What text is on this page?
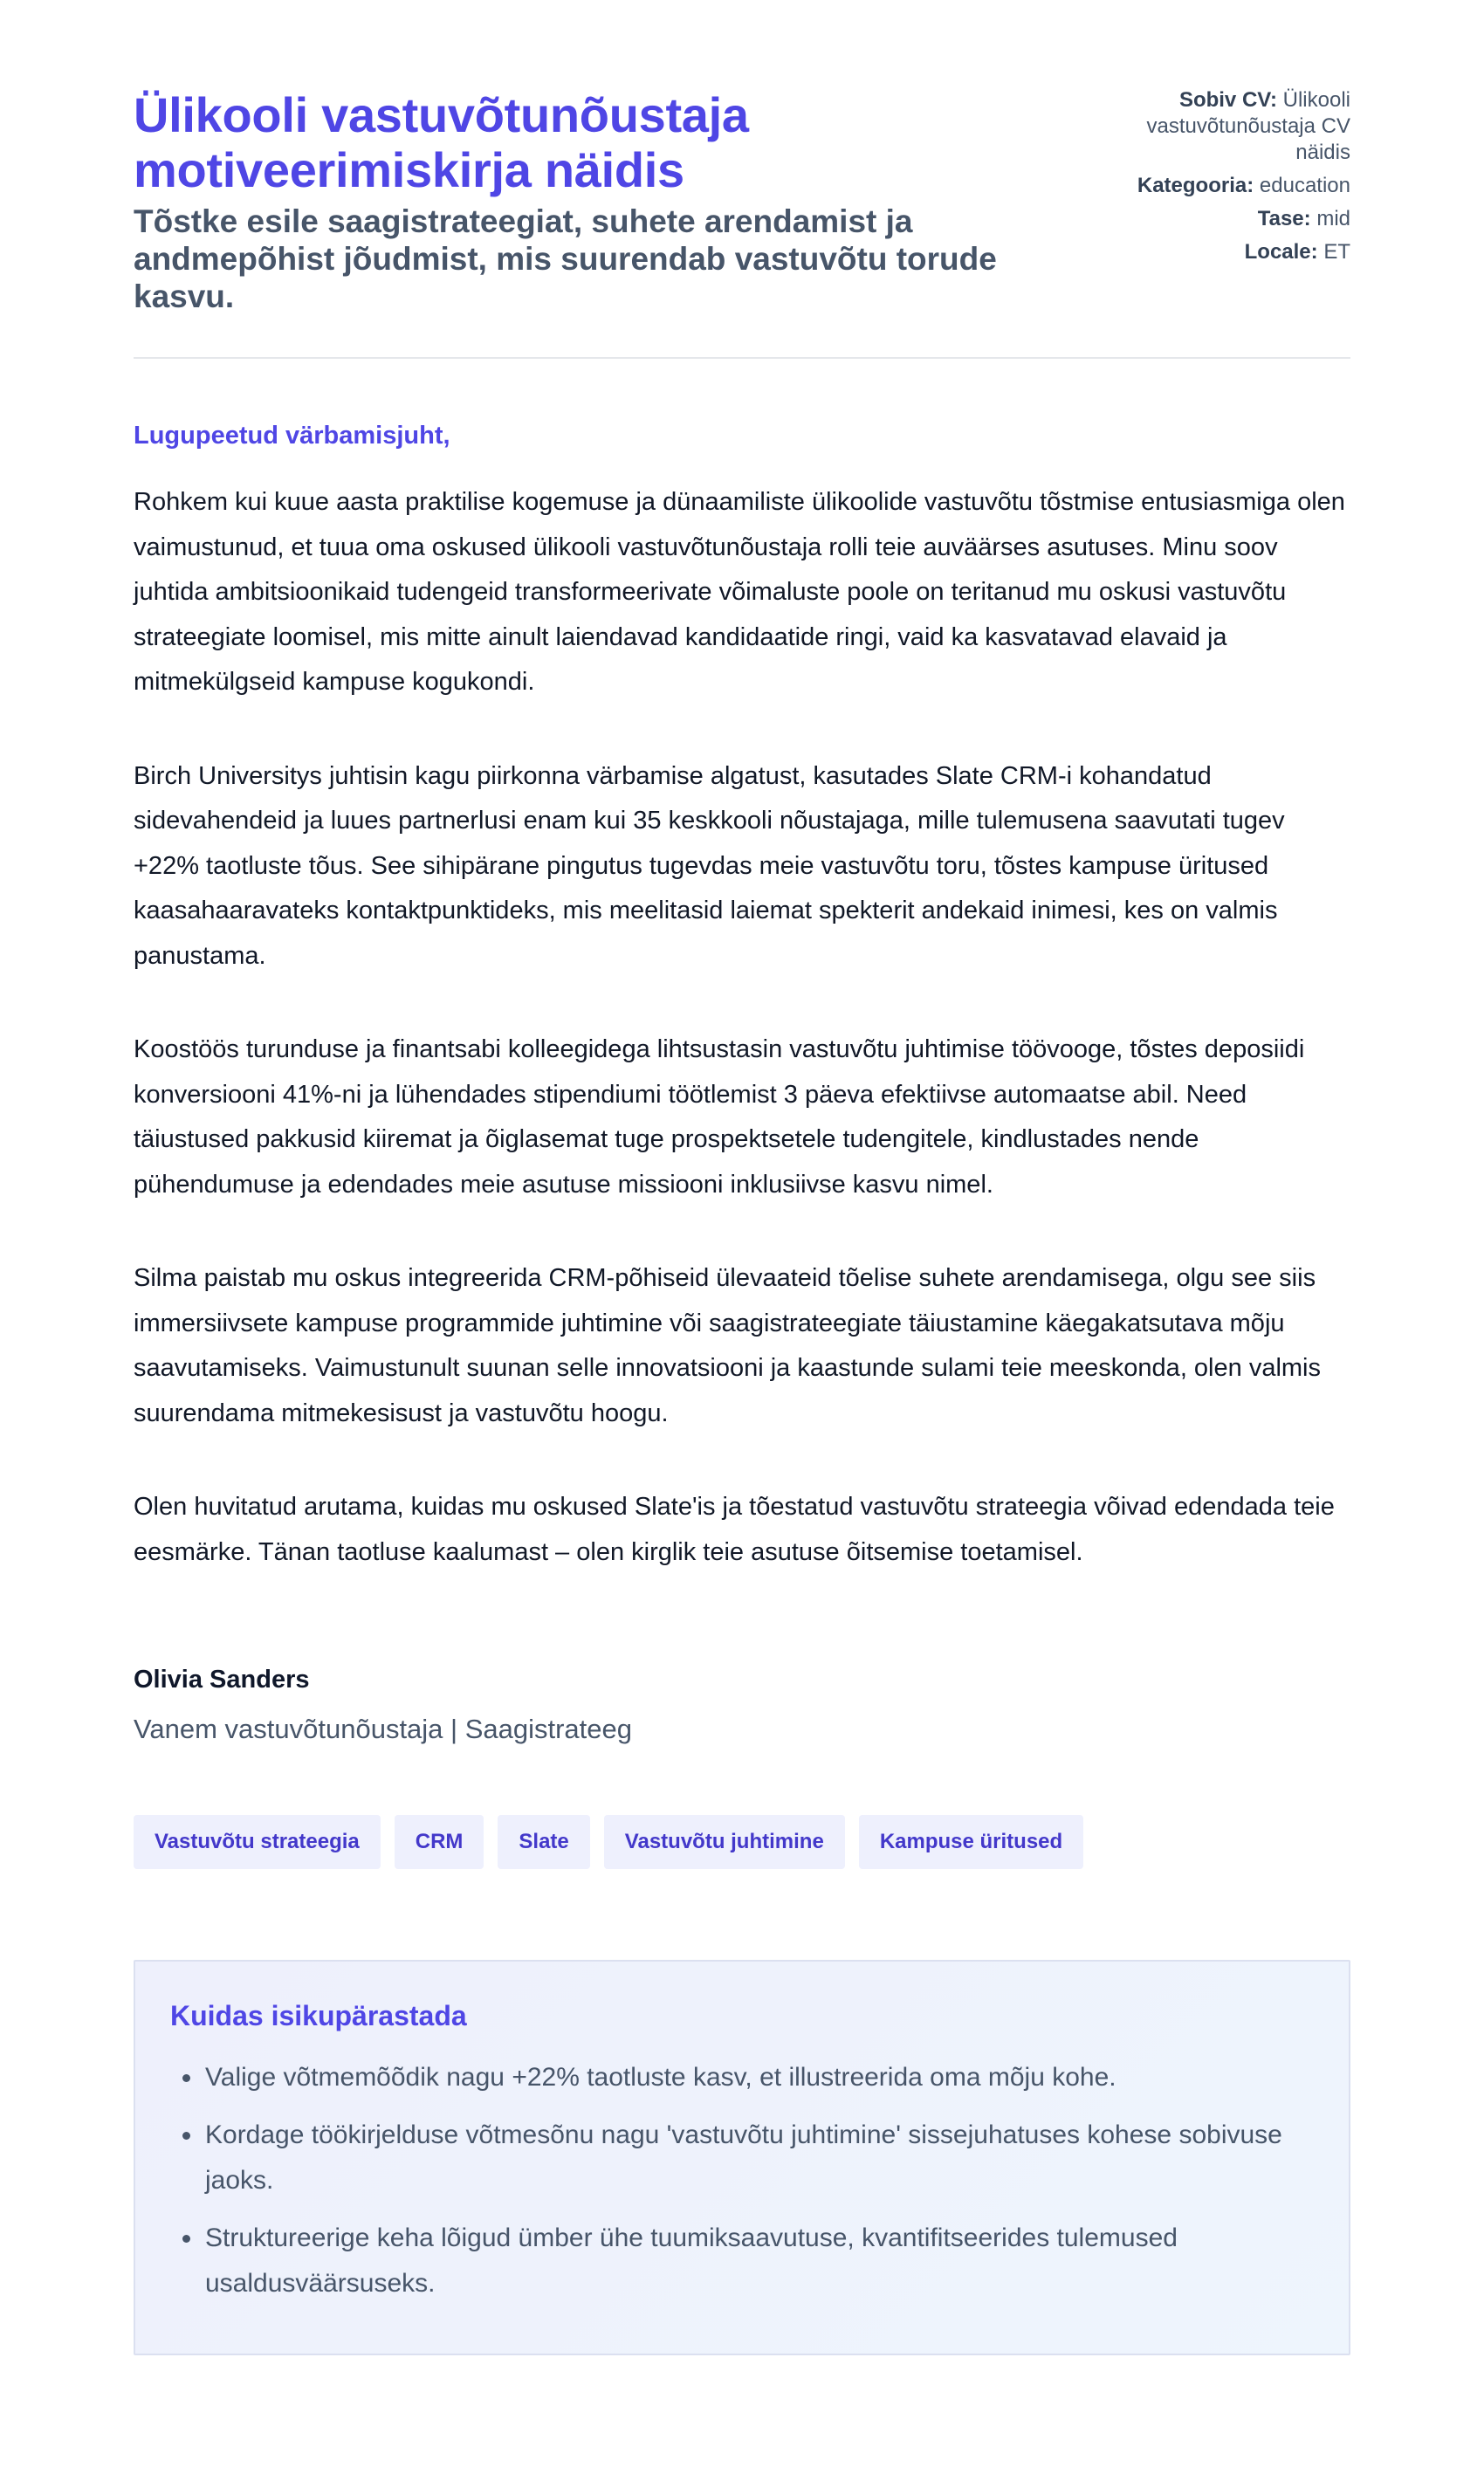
Ülikooli vastuvõtunõustaja motiveerimiskirja näidis

Tõstke esile saagistrateegiat, suhete arendamist ja andmepõhist jõudmist, mis suurendab vastuvõtu torude kasvu.

Sobiv CV: Ülikooli vastuvõtunõustaja CV näidis
Kategooria: education
Tase: mid
Locale: ET

Lugupeetud värbamisjuht,

Rohkem kui kuue aasta praktilise kogemuse ja dünaamiliste ülikoolide vastuvõtu tõstmise entusiasmiga olen vaimustunud, et tuua oma oskused ülikooli vastuvõtunõustaja rolli teie auväärses asutuses. Minu soov juhtida ambitsioonikaid tudengeid transformeerivate võimaluste poole on teritanud mu oskusi vastuvõtu strateegiate loomisel, mis mitte ainult laiendavad kandidaatide ringi, vaid ka kasvatavad elavaid ja mitmekülgseid kampuse kogukondi.

Birch Universitys juhtisin kagu piirkonna värbamise algatust, kasutades Slate CRM-i kohandatud sidevahendeid ja luues partnerlusi enam kui 35 keskkooli nõustajaga, mille tulemusena saavutati tugev +22% taotluste tõus. See sihipärane pingutus tugevdas meie vastuvõtu toru, tõstes kampuse üritused kaasahaaravateks kontaktpunktideks, mis meelitasid laiemat spekterit andekaid inimesi, kes on valmis panustama.

Koostöös turunduse ja finantsabi kolleegidega lihtsustasin vastuvõtu juhtimise töövooge, tõstes deposiidi konversiooni 41%-ni ja lühendades stipendiumi töötlemist 3 päeva efektiivse automaatse abil. Need täiustused pakkusid kiiremat ja õiglasemat tuge prospektsetele tudengitele, kindlustades nende pühendumuse ja edendades meie asutuse missiooni inklusiivse kasvu nimel.

Silma paistab mu oskus integreerida CRM-põhiseid ülevaateid tõelise suhete arendamisega, olgu see siis immersiivsete kampuse programmide juhtimine või saagistrateegiate täiustamine käegakatsutava mõju saavutamiseks. Vaimustunult suunan selle innovatsiooni ja kaastunde sulami teie meeskonda, olen valmis suurendama mitmekesisust ja vastuvõtu hoogu.

Olen huvitatud arutama, kuidas mu oskused Slate'is ja tõestatud vastuvõtu strateegia võivad edendada teie eesmärke. Tänan taotluse kaalumast – olen kirglik teie asutuse õitsemise toetamisel.

Olivia Sanders
Vanem vastuvõtunõustaja | Saagistrateeg
Vastuvõtu strateegia	CRM	Slate	Vastuvõtu juhtimine	Kampuse üritused
Kuidas isikupärastada
• Valige võtmemõõdik nagu +22% taotluste kasv, et illustreerida oma mõju kohe.
• Kordage töökirjelduse võtmesõnu nagu 'vastuvõtu juhtimine' sissejuhatuses kohese sobivuse jaoks.
• Struktureerige keha lõigud ümber ühe tuumiksaavutuse, kvantifitseerides tulemused usaldusväärsuseks.
